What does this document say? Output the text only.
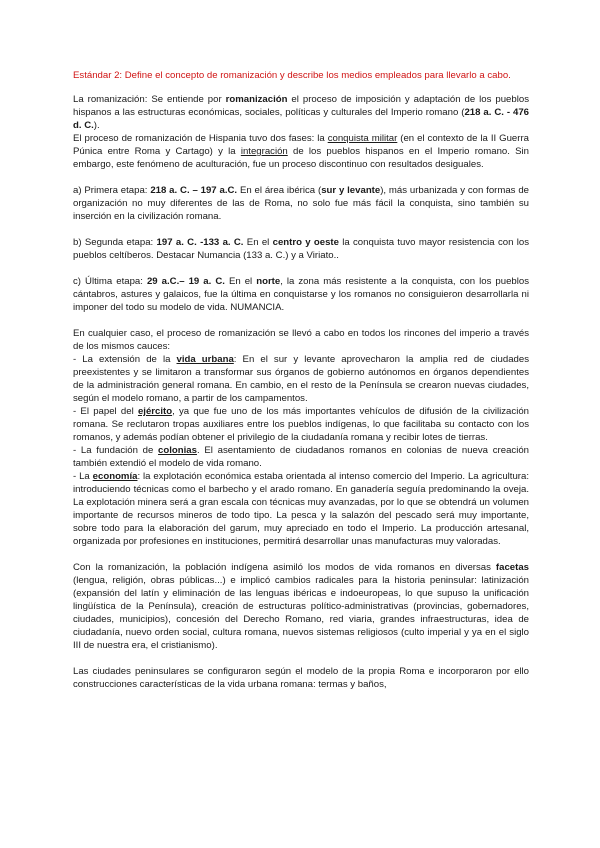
Estándar 2: Define el concepto de romanización y describe los medios empleados para llevarlo a cabo.

La romanización: Se entiende por romanización el proceso de imposición y adaptación de los pueblos hispanos a las estructuras económicas, sociales, políticas y culturales del Imperio romano (218 a. C. - 476 d. C.).

El proceso de romanización de Hispania tuvo dos fases: la conquista militar (en el contexto de la II Guerra Púnica entre Roma y Cartago) y la integración de los pueblos hispanos en el Imperio romano. Sin embargo, este fenómeno de aculturación, fue un proceso discontinuo con resultados desiguales.

a) Primera etapa: 218 a. C. – 197 a.C. En el área ibérica (sur y levante), más urbanizada y con formas de organización no muy diferentes de las de Roma, no solo fue más fácil la conquista, sino también su inserción en la civilización romana.

b) Segunda etapa: 197 a. C. -133 a. C. En el centro y oeste la conquista tuvo mayor resistencia con los pueblos celtíberos. Destacar Numancia (133 a. C.) y a Viriato..

c) Última etapa: 29 a.C.– 19 a. C. En el norte, la zona más resistente a la conquista, con los pueblos cántabros, astures y galaicos, fue la última en conquistarse y los romanos no consiguieron desarrollarla ni imponer del todo su modelo de vida. NUMANCIA.

En cualquier caso, el proceso de romanización se llevó a cabo en todos los rincones del imperio a través de los mismos cauces:

- La extensión de la vida urbana: En el sur y levante aprovecharon la amplia red de ciudades preexistentes y se limitaron a transformar sus órganos de gobierno autónomos en órganos dependientes de la administración general romana. En cambio, en el resto de la Península se crearon nuevas ciudades, según el modelo romano, a partir de los campamentos.

- El papel del ejército, ya que fue uno de los más importantes vehículos de difusión de la civilización romana. Se reclutaron tropas auxiliares entre los pueblos indígenas, lo que facilitaba su contacto con los romanos, y además podían obtener el privilegio de la ciudadanía romana y recibir lotes de tierras.

- La fundación de colonias. El asentamiento de ciudadanos romanos en colonias de nueva creación también extendió el modelo de vida romano.

- La economía: la explotación económica estaba orientada al intenso comercio del Imperio. La agricultura: introduciendo técnicas como el barbecho y el arado romano. En ganadería seguía predominando la oveja. La explotación minera será a gran escala con técnicas muy avanzadas, por lo que se obtendrá un volumen importante de recursos mineros de todo tipo. La pesca y la salazón del pescado será muy importante, sobre todo para la elaboración del garum, muy apreciado en todo el Imperio. La producción artesanal, organizada por profesiones en instituciones, permitirá desarrollar unas manufacturas muy valoradas.

Con la romanización, la población indígena asimiló los modos de vida romanos en diversas facetas (lengua, religión, obras públicas...) e implicó cambios radicales para la historia peninsular: latinización (expansión del latín y eliminación de las lenguas ibéricas e indoeuropeas, lo que supuso la unificación lingüística de la Península), creación de estructuras político-administrativas (provincias, gobernadores, ciudades, municipios), concesión del Derecho Romano, red viaria, grandes infraestructuras, idea de ciudadanía, nuevo orden social, cultura romana, nuevos sistemas religiosos (culto imperial y ya en el siglo III de nuestra era, el cristianismo).

Las ciudades peninsulares se configuraron según el modelo de la propia Roma e incorporaron por ello construcciones características de la vida urbana romana: termas y baños,
